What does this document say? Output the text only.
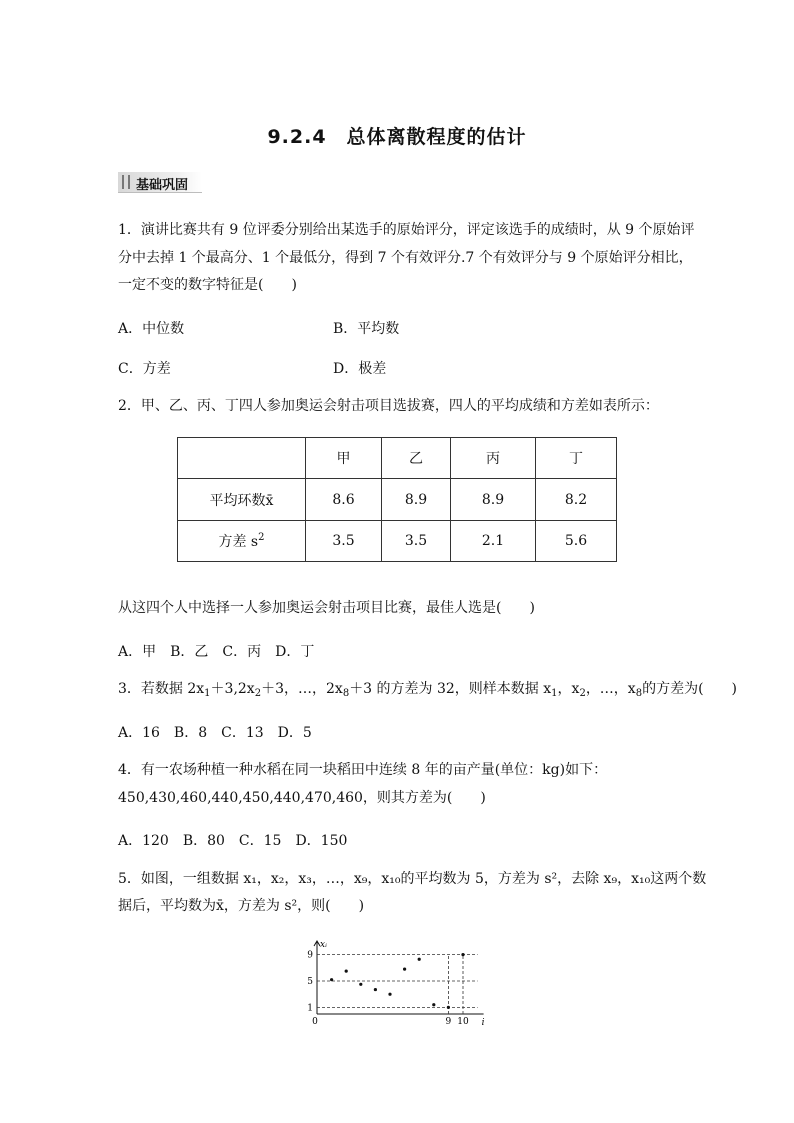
9.2.4　总体离散程度的估计
基础巩固
1．演讲比赛共有 9 位评委分别给出某选手的原始评分，评定该选手的成绩时，从 9 个原始评
分中去掉 1 个最高分、1 个最低分，得到 7 个有效评分.7 个有效评分与 9 个原始评分相比，
一定不变的数字特征是(　　)
A．中位数	B．平均数
C．方差	D．极差
2．甲、乙、丙、丁四人参加奥运会射击项目选拔赛，四人的平均成绩和方差如表所示：
	甲	乙	丙	丁
平均环数x̄	8.6	8.9	8.9	8.2
方差 $s^2$	3.5	3.5	2.1	5.6
从这四个人中选择一人参加奥运会射击项目比赛，最佳人选是(　　)
A．甲　B．乙　C．丙　D．丁
3．若数据 $2x_1+3,2x_2+3$，…，$2x_8+3$ 的方差为 32，则样本数据 $x_1$，$x_2$，…，$x_8$的方差为(　　)
A．16　B．8　C．13　D．5
4．有一农场种植一种水稻在同一块稻田中连续 8 年的亩产量(单位：kg)如下：
450,430,460,440,450,440,470,460，则其方差为(　　)
A．120　B．80　C．15　D．150
5．如图，一组数据 x₁，x₂，x₃，…，x₉，x₁₀的平均数为 5，方差为 s²，去除 x₉，x₁₀这两个数
据后，平均数为x̄，方差为 s²，则(　　)
1
5
9
0	9 10
xᵢ
i
